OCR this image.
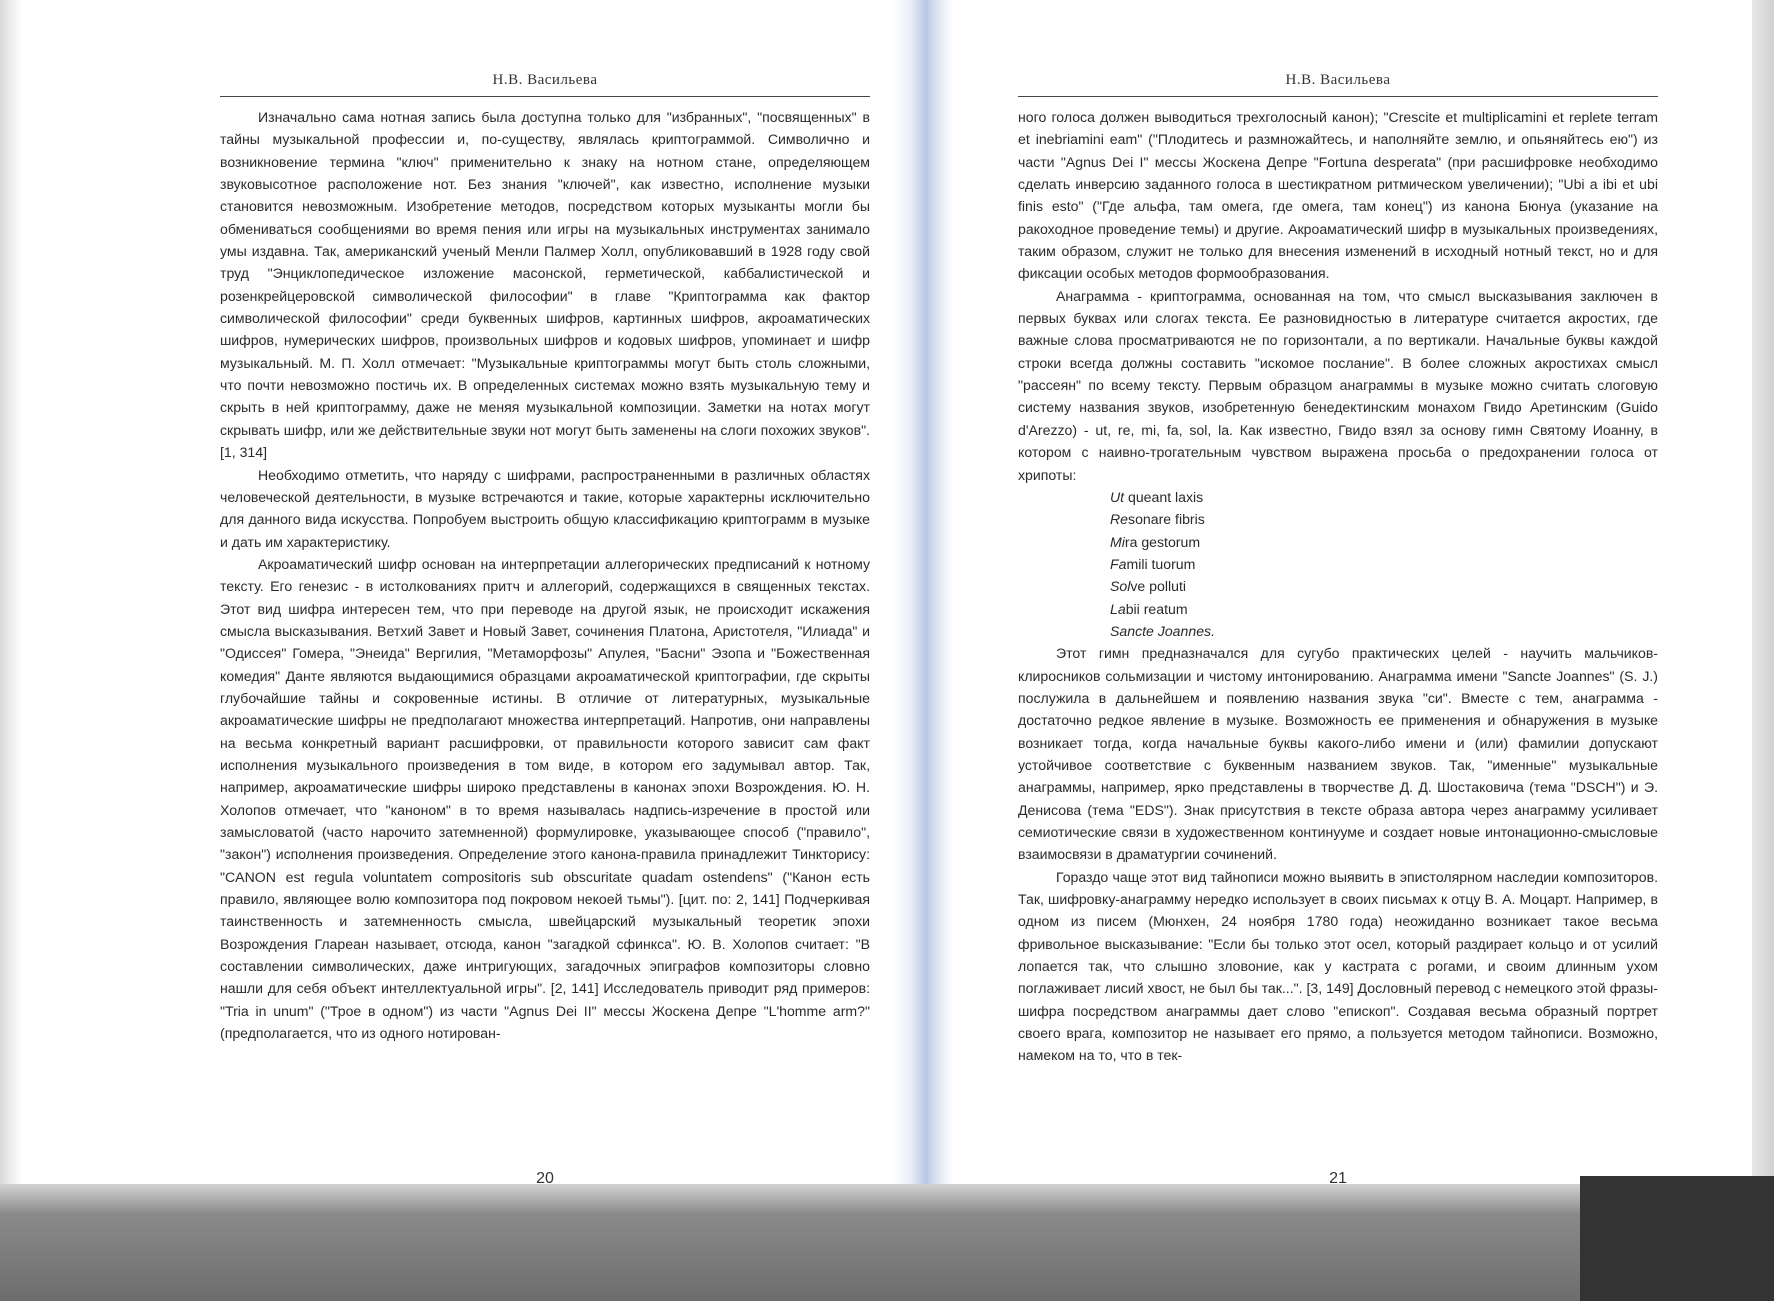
Н.В. Васильева

Изначально сама нотная запись была доступна только для "избранных", "посвященных" в тайны музыкальной профессии и, по-существу, являлась криптограммой. Символично и возникновение термина "ключ" применительно к знаку на нотном стане, определяющем звуковысотное расположение нот. Без знания "ключей", как известно, исполнение музыки становится невозможным. Изобретение методов, посредством которых музыканты могли бы обмениваться сообщениями во время пения или игры на музыкальных инструментах занимало умы издавна. Так, американский ученый Менли Палмер Холл, опубликовавший в 1928 году свой труд "Энциклопедическое изложение масонской, герметической, каббалистической и розенкрейцеровской символической философии" в главе "Криптограмма как фактор символической философии" среди буквенных шифров, картинных шифров, акроаматических шифров, нумерических шифров, произвольных шифров и кодовых шифров, упоминает и шифр музыкальный. М. П. Холл отмечает: "Музыкальные криптограммы могут быть столь сложными, что почти невозможно постичь их. В определенных системах можно взять музыкальную тему и скрыть в ней криптограмму, даже не меняя музыкальной композиции. Заметки на нотах могут скрывать шифр, или же действительные звуки нот могут быть заменены на слоги похожих звуков". [1, 314]

Необходимо отметить, что наряду с шифрами, распространенными в различных областях человеческой деятельности, в музыке встречаются и такие, которые характерны исключительно для данного вида искусства. Попробуем выстроить общую классификацию криптограмм в музыке и дать им характеристику.

Акроаматический шифр основан на интерпретации аллегорических предписаний к нотному тексту. Его генезис - в истолкованиях притч и аллегорий, содержащихся в священных текстах. Этот вид шифра интересен тем, что при переводе на другой язык, не происходит искажения смысла высказывания. Ветхий Завет и Новый Завет, сочинения Платона, Аристотеля, "Илиада" и "Одиссея" Гомера, "Энеида" Вергилия, "Метаморфозы" Апулея, "Басни" Эзопа и "Божественная комедия" Данте являются выдающимися образцами акроаматической криптографии, где скрыты глубочайшие тайны и сокровенные истины. В отличие от литературных, музыкальные акроаматические шифры не предполагают множества интерпретаций. Напротив, они направлены на весьма конкретный вариант расшифровки, от правильности которого зависит сам факт исполнения музыкального произведения в том виде, в котором его задумывал автор. Так, например, акроаматические шифры широко представлены в канонах эпохи Возрождения. Ю. Н. Холопов отмечает, что "каноном" в то время называлась надпись-изречение в простой или замысловатой (часто нарочито затемненной) формулировке, указывающее способ ("правило", "закон") исполнения произведения. Определение этого канона-правила принадлежит Тинкторису: "CANON est regula voluntatem compositoris sub obscuritate quadam ostendens" ("Канон есть правило, являющее волю композитора под покровом некоей тьмы"). [цит. по: 2, 141] Подчеркивая таинственность и затемненность смысла, швейцарский музыкальный теоретик эпохи Возрождения Глареан называет, отсюда, канон "загадкой сфинкса". Ю. В. Холопов считает: "В составлении символических, даже интригующих, загадочных эпиграфов композиторы словно нашли для себя объект интеллектуальной игры". [2, 141] Исследователь приводит ряд примеров: "Tria in unum" ("Трое в одном") из части "Agnus Dei II" мессы Жоскена Депре "L'homme arm?" (предполагается, что из одного нотирован-

20
Н.В. Васильева

ного голоса должен выводиться трехголосный канон); "Crescite et multiplicamini et replete terram et inebriamini eam" ("Плодитесь и размножайтесь, и наполняйте землю, и опьяняйтесь ею") из части "Agnus Dei I" мессы Жоскена Депре "Fortuna desperata" (при расшифровке необходимо сделать инверсию заданного голоса в шестикратном ритмическом увеличении); "Ubi a ibi et ubi finis esto" ("Где альфа, там омега, где омега, там конец") из канона Бюнуа (указание на ракоходное проведение темы) и другие. Акроаматический шифр в музыкальных произведениях, таким образом, служит не только для внесения изменений в исходный нотный текст, но и для фиксации особых методов формообразования.

Анаграмма - криптограмма, основанная на том, что смысл высказывания заключен в первых буквах или слогах текста. Ее разновидностью в литературе считается акростих, где важные слова просматриваются не по горизонтали, а по вертикали. Начальные буквы каждой строки всегда должны составить "искомое послание". В более сложных акростихах смысл "рассеян" по всему тексту. Первым образцом анаграммы в музыке можно считать слоговую систему названия звуков, изобретенную бенедектинским монахом Гвидо Аретинским (Guido d'Arezzo) - ut, re, mi, fa, sol, la. Как известно, Гвидо взял за основу гимн Святому Иоанну, в котором с наивно-трогательным чувством выражена просьба о предохранении голоса от хрипоты:

Ut queant laxis
Resonare fibris
Mira gestorum
Famili tuorum
Solve polluti
Labii reatum
Sancte Joannes.

Этот гимн предназначался для сугубо практических целей - научить мальчиков-клиросников сольмизации и чистому интонированию. Анаграмма имени "Sancte Joannes" (S. J.) послужила в дальнейшем и появлению названия звука "си". Вместе с тем, анаграмма - достаточно редкое явление в музыке. Возможность ее применения и обнаружения в музыке возникает тогда, когда начальные буквы какого-либо имени и (или) фамилии допускают устойчивое соответствие с буквенным названием звуков. Так, "именные" музыкальные анаграммы, например, ярко представлены в творчестве Д. Д. Шостаковича (тема "DSCH") и Э. Денисова (тема "EDS"). Знак присутствия в тексте образа автора через анаграмму усиливает семиотические связи в художественном континууме и создает новые интонационно-смысловые взаимосвязи в драматургии сочинений.

Гораздо чаще этот вид тайнописи можно выявить в эпистолярном наследии композиторов. Так, шифровку-анаграмму нередко использует в своих письмах к отцу В. А. Моцарт. Например, в одном из писем (Мюнхен, 24 ноября 1780 года) неожиданно возникает такое весьма фривольное высказывание: "Если бы только этот осел, который раздирает кольцо и от усилий лопается так, что слышно зловоние, как у кастрата с рогами, и своим длинным ухом поглаживает лисий хвост, не был бы так...". [3, 149] Дословный перевод с немецкого этой фразы-шифра посредством анаграммы дает слово "епископ". Создавая весьма образный портрет своего врага, композитор не называет его прямо, а пользуется методом тайнописи. Возможно, намеком на то, что в тек-

21
